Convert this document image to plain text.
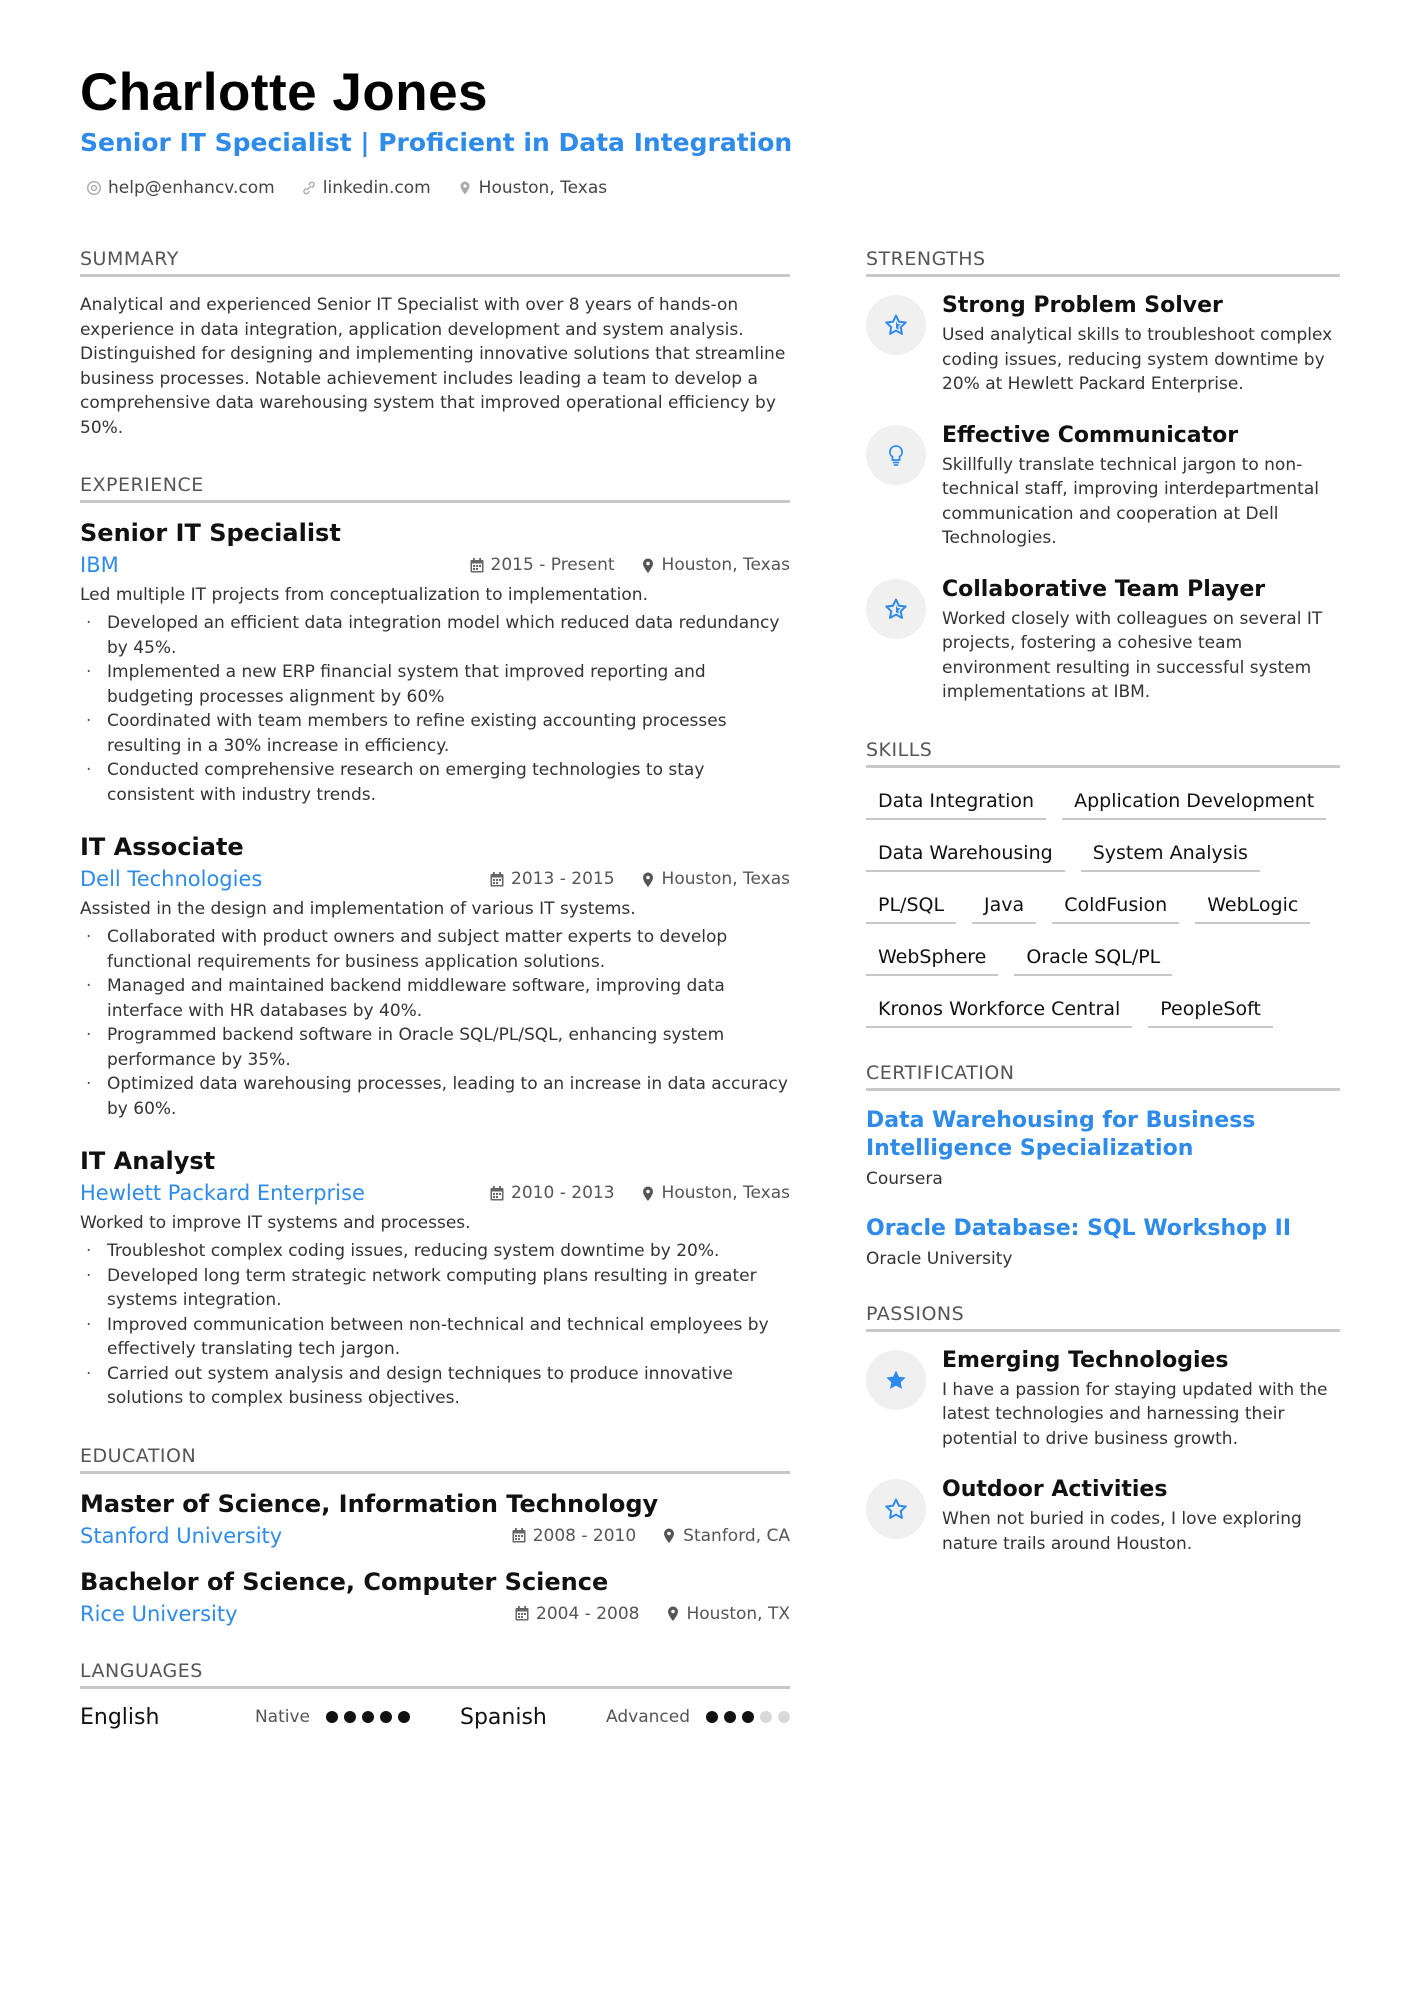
Charlotte Jones
Senior IT Specialist | Proficient in Data Integration
help@enhancv.com	linkedin.com	Houston, Texas
SUMMARY

Analytical and experienced Senior IT Specialist with over 8 years of hands-on experience in data integration, application development and system analysis. Distinguished for designing and implementing innovative solutions that streamline business processes. Notable achievement includes leading a team to develop a comprehensive data warehousing system that improved operational efficiency by 50%.

EXPERIENCE
Senior IT Specialist
IBM	2015 - Present	Houston, Texas

Led multiple IT projects from conceptualization to implementation.

· Developed an efficient data integration model which reduced data redundancy by 45%.
· Implemented a new ERP financial system that improved reporting and budgeting processes alignment by 60%
· Coordinated with team members to refine existing accounting processes resulting in a 30% increase in efficiency.
· Conducted comprehensive research on emerging technologies to stay consistent with industry trends.
IT Associate
Dell Technologies	2013 - 2015	Houston, Texas

Assisted in the design and implementation of various IT systems.

· Collaborated with product owners and subject matter experts to develop functional requirements for business application solutions.
· Managed and maintained backend middleware software, improving data interface with HR databases by 40%.
· Programmed backend software in Oracle SQL/PL/SQL, enhancing system performance by 35%.
· Optimized data warehousing processes, leading to an increase in data accuracy by 60%.
IT Analyst
Hewlett Packard Enterprise	2010 - 2013	Houston, Texas

Worked to improve IT systems and processes.

· Troubleshot complex coding issues, reducing system downtime by 20%.
· Developed long term strategic network computing plans resulting in greater systems integration.
· Improved communication between non-technical and technical employees by effectively translating tech jargon.
· Carried out system analysis and design techniques to produce innovative solutions to complex business objectives.
EDUCATION
Master of Science, Information Technology
Stanford University	2008 - 2010	Stanford, CA
Bachelor of Science, Computer Science
Rice University	2004 - 2008	Houston, TX
LANGUAGES
English	Native	Spanish	Advanced
STRENGTHS
Strong Problem Solver

Used analytical skills to troubleshoot complex coding issues, reducing system downtime by 20% at Hewlett Packard Enterprise.

Effective Communicator

Skillfully translate technical jargon to non-technical staff, improving interdepartmental communication and cooperation at Dell Technologies.

Collaborative Team Player

Worked closely with colleagues on several IT projects, fostering a cohesive team environment resulting in successful system implementations at IBM.

SKILLS
Data Integration	Application Development
Data Warehousing	System Analysis
PL/SQL	Java	ColdFusion	WebLogic
WebSphere	Oracle SQL/PL
Kronos Workforce Central	PeopleSoft
CERTIFICATION
Data Warehousing for Business Intelligence Specialization

Coursera

Oracle Database: SQL Workshop II

Oracle University

PASSIONS
Emerging Technologies

I have a passion for staying updated with the latest technologies and harnessing their potential to drive business growth.

Outdoor Activities

When not buried in codes, I love exploring nature trails around Houston.
